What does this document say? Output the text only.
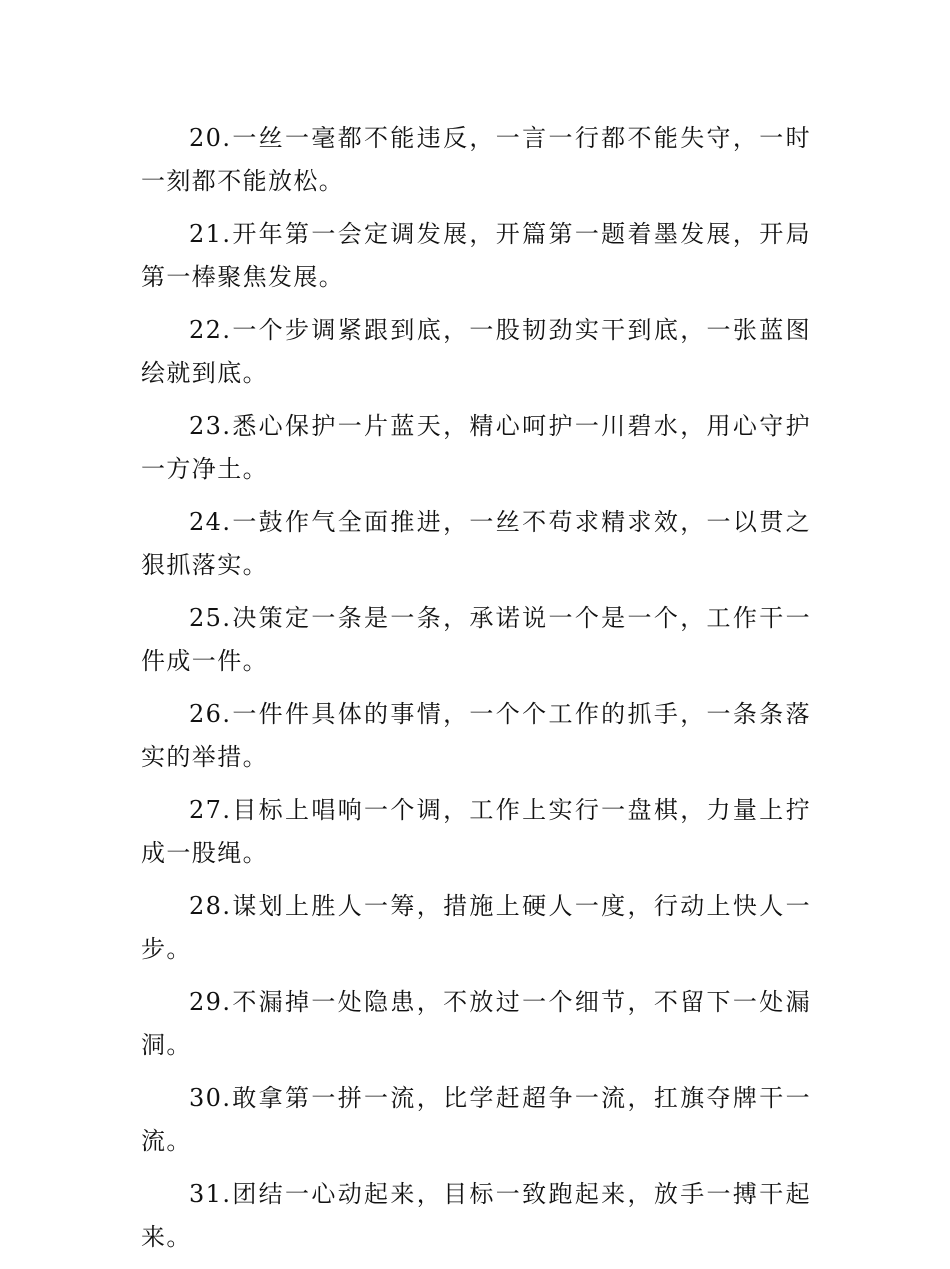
20.一丝一毫都不能违反，一言一行都不能失守，一时一刻都不能放松。

21.开年第一会定调发展，开篇第一题着墨发展，开局第一棒聚焦发展。

22.一个步调紧跟到底，一股韧劲实干到底，一张蓝图绘就到底。

23.悉心保护一片蓝天，精心呵护一川碧水，用心守护一方净土。

24.一鼓作气全面推进，一丝不苟求精求效，一以贯之狠抓落实。

25.决策定一条是一条，承诺说一个是一个，工作干一件成一件。

26.一件件具体的事情，一个个工作的抓手，一条条落实的举措。

27.目标上唱响一个调，工作上实行一盘棋，力量上拧成一股绳。

28.谋划上胜人一筹，措施上硬人一度，行动上快人一步。

29.不漏掉一处隐患，不放过一个细节，不留下一处漏洞。

30.敢拿第一拼一流，比学赶超争一流，扛旗夺牌干一流。

31.团结一心动起来，目标一致跑起来，放手一搏干起来。
